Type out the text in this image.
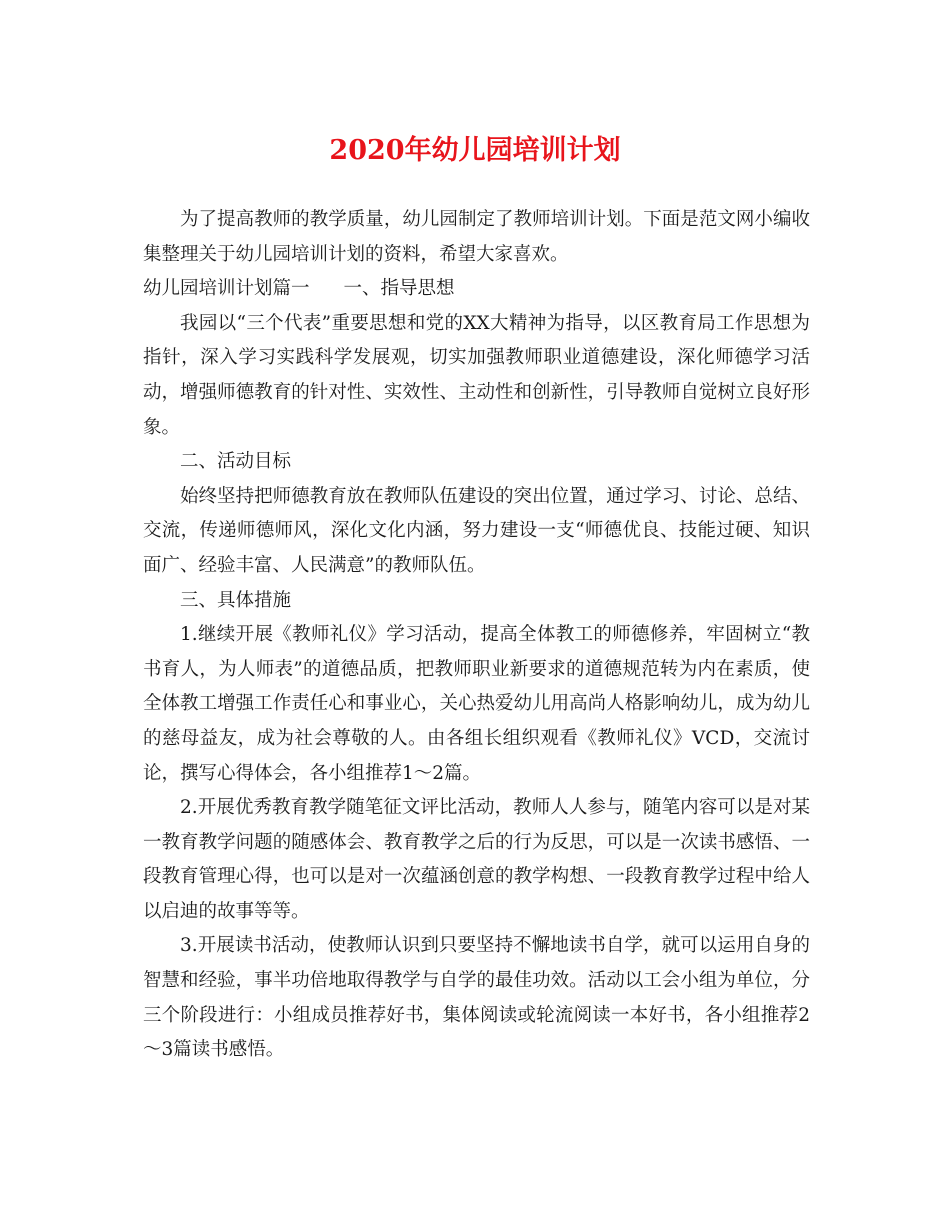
2020年幼儿园培训计划

为了提高教师的教学质量，幼儿园制定了教师培训计划。下面是范文网小编收集整理关于幼儿园培训计划的资料，希望大家喜欢。

幼儿园培训计划篇一 一、指导思想

我园以“三个代表”重要思想和党的XX大精神为指导，以区教育局工作思想为指针，深入学习实践科学发展观，切实加强教师职业道德建设，深化师德学习活动，增强师德教育的针对性、实效性、主动性和创新性，引导教师自觉树立良好形象。

二、活动目标

始终坚持把师德教育放在教师队伍建设的突出位置，通过学习、讨论、总结、交流，传递师德师风，深化文化内涵，努力建设一支“师德优良、技能过硬、知识面广、经验丰富、人民满意”的教师队伍。

三、具体措施

1.继续开展《教师礼仪》学习活动，提高全体教工的师德修养，牢固树立“教书育人，为人师表”的道德品质，把教师职业新要求的道德规范转为内在素质，使全体教工增强工作责任心和事业心，关心热爱幼儿用高尚人格影响幼儿，成为幼儿的慈母益友，成为社会尊敬的人。由各组长组织观看《教师礼仪》VCD，交流讨论，撰写心得体会，各小组推荐1～2篇。

2.开展优秀教育教学随笔征文评比活动，教师人人参与，随笔内容可以是对某一教育教学问题的随感体会、教育教学之后的行为反思，可以是一次读书感悟、一段教育管理心得，也可以是对一次蕴涵创意的教学构想、一段教育教学过程中给人以启迪的故事等等。

3.开展读书活动，使教师认识到只要坚持不懈地读书自学，就可以运用自身的智慧和经验，事半功倍地取得教学与自学的最佳功效。活动以工会小组为单位，分三个阶段进行：小组成员推荐好书，集体阅读或轮流阅读一本好书，各小组推荐2～3篇读书感悟。
